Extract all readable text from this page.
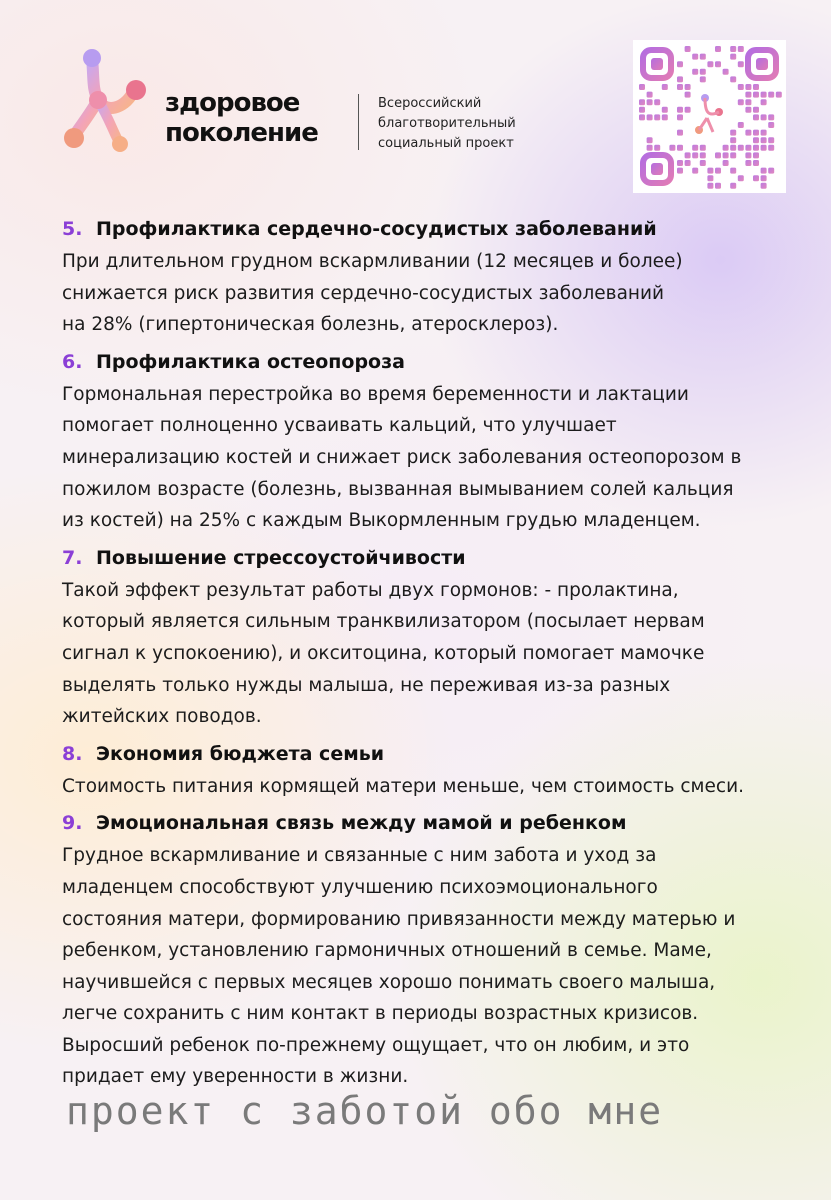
здоровое
поколение
Всероссийский
благотворительный
социальный проект
5. Профилактика сердечно-сосудистых заболеваний

При длительном грудном вскармливании (12 месяцев и более)
снижается риск развития сердечно-сосудистых заболеваний
на 28% (гипертоническая болезнь, атеросклероз).

6. Профилактика остеопороза

Гормональная перестройка во время беременности и лактации
помогает полноценно усваивать кальций, что улучшает
минерализацию костей и снижает риск заболевания остеопорозом в
пожилом возрасте (болезнь, вызванная вымыванием солей кальция
из костей) на 25% с каждым Выкормленным грудью младенцем.

7. Повышение стрессоустойчивости

Такой эффект результат работы двух гормонов: - пролактина,
который является сильным транквилизатором (посылает нервам
сигнал к успокоению), и окситоцина, который помогает мамочке
выделять только нужды малыша, не переживая из-за разных
житейских поводов.

8. Экономия бюджета семьи

Стоимость питания кормящей матери меньше, чем стоимость смеси.

9. Эмоциональная связь между мамой и ребенком

Грудное вскармливание и связанные с ним забота и уход за
младенцем способствуют улучшению психоэмоционального
состояния матери, формированию привязанности между матерью и
ребенком, установлению гармоничных отношений в семье. Маме,
научившейся с первых месяцев хорошо понимать своего малыша,
легче сохранить с ним контакт в периоды возрастных кризисов.
Выросший ребенок по-прежнему ощущает, что он любим, и это
придает ему уверенности в жизни.

проект с заботой обо мне
